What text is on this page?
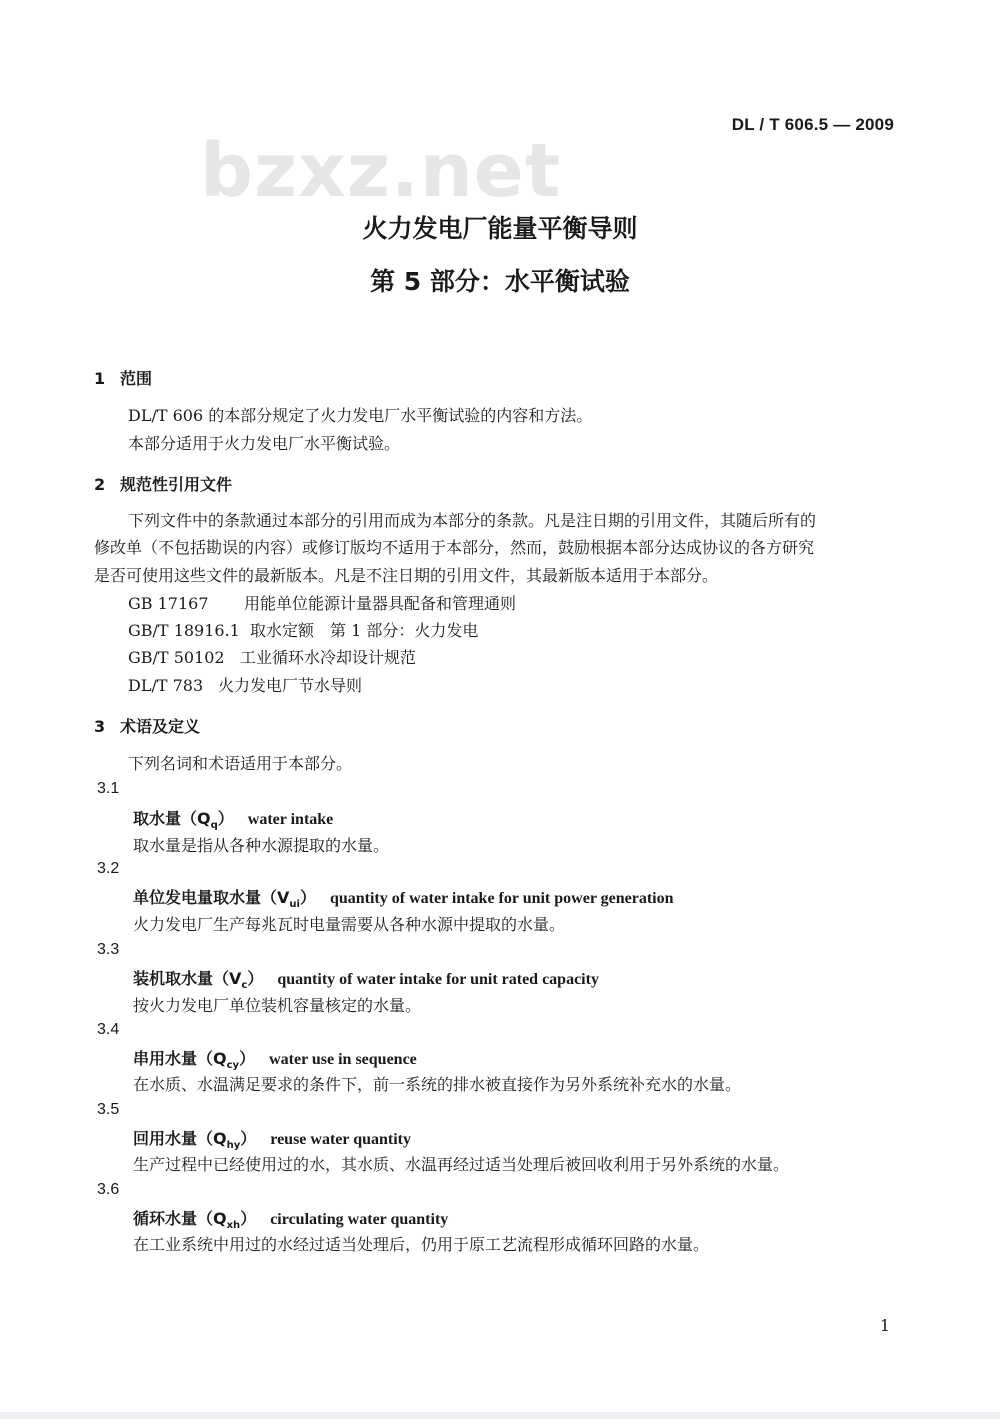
bzxz.net
DL / T 606.5 — 2009
火力发电厂能量平衡导则
第 5 部分：水平衡试验
1 范围
DL/T 606 的本部分规定了火力发电厂水平衡试验的内容和方法。
本部分适用于火力发电厂水平衡试验。
2 规范性引用文件
下列文件中的条款通过本部分的引用而成为本部分的条款。凡是注日期的引用文件，其随后所有的
修改单（不包括勘误的内容）或修订版均不适用于本部分，然而，鼓励根据本部分达成协议的各方研究
是否可使用这些文件的最新版本。凡是不注日期的引用文件，其最新版本适用于本部分。
GB 17167 用能单位能源计量器具配备和管理通则
GB/T 18916.1 取水定额　第 1 部分：火力发电
GB/T 50102 工业循环水冷却设计规范
DL/T 783 火力发电厂节水导则
3 术语及定义
下列名词和术语适用于本部分。
3.1
取水量$(Q_q)$ water intake
取水量是指从各种水源提取的水量。
3.2
单位发电量取水量$(V_{ui})$ quantity of water intake for unit power generation
火力发电厂生产每兆瓦时电量需要从各种水源中提取的水量。
3.3
装机取水量$(V_c)$ quantity of water intake for unit rated capacity
按火力发电厂单位装机容量核定的水量。
3.4
串用水量$(Q_{cy})$ water use in sequence
在水质、水温满足要求的条件下，前一系统的排水被直接作为另外系统补充水的水量。
3.5
回用水量$(Q_{hy})$ reuse water quantity
生产过程中已经使用过的水，其水质、水温再经过适当处理后被回收利用于另外系统的水量。
3.6
循环水量$(Q_{xh})$ circulating water quantity
在工业系统中用过的水经过适当处理后，仍用于原工艺流程形成循环回路的水量。
1
